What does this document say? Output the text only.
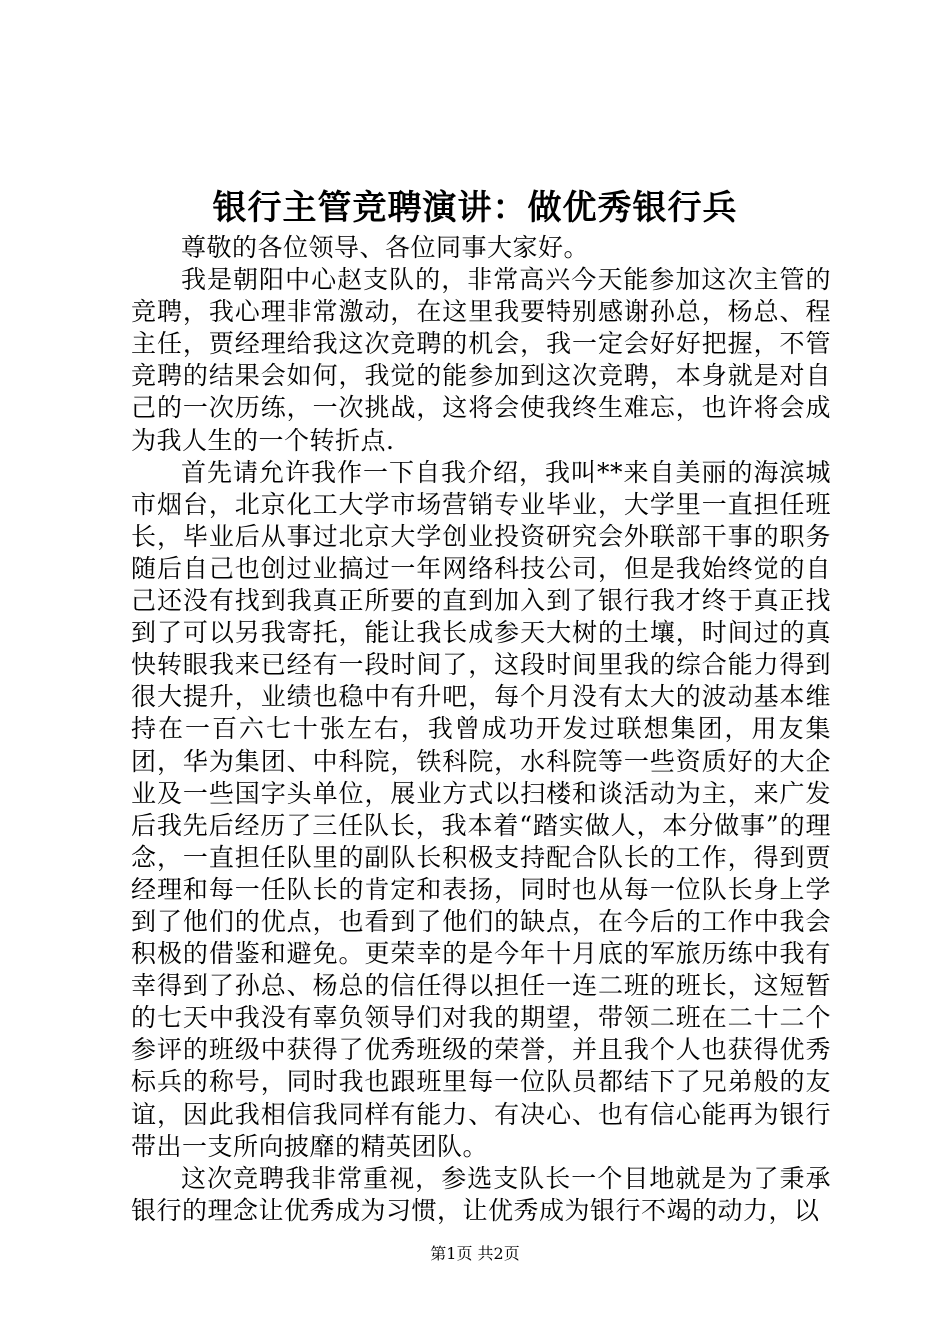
银行主管竞聘演讲：做优秀银行兵

尊敬的各位领导、各位同事大家好。

我是朝阳中心赵支队的，非常高兴今天能参加这次主管的竞聘，我心理非常激动，在这里我要特别感谢孙总，杨总、程主任，贾经理给我这次竞聘的机会，我一定会好好把握，不管竞聘的结果会如何，我觉的能参加到这次竞聘，本身就是对自己的一次历练，一次挑战，这将会使我终生难忘，也许将会成为我人生的一个转折点.

首先请允许我作一下自我介绍，我叫**来自美丽的海滨城市烟台，北京化工大学市场营销专业毕业，大学里一直担任班长，毕业后从事过北京大学创业投资研究会外联部干事的职务随后自己也创过业搞过一年网络科技公司，但是我始终觉的自己还没有找到我真正所要的直到加入到了银行我才终于真正找到了可以另我寄托，能让我长成参天大树的土壤，时间过的真快转眼我来已经有一段时间了，这段时间里我的综合能力得到很大提升，业绩也稳中有升吧，每个月没有太大的波动基本维持在一百六七十张左右，我曾成功开发过联想集团，用友集团，华为集团、中科院，铁科院，水科院等一些资质好的大企业及一些国字头单位，展业方式以扫楼和谈活动为主，来广发后我先后经历了三任队长，我本着“踏实做人，本分做事”的理念，一直担任队里的副队长积极支持配合队长的工作，得到贾经理和每一任队长的肯定和表扬，同时也从每一位队长身上学到了他们的优点，也看到了他们的缺点，在今后的工作中我会积极的借鉴和避免。更荣幸的是今年十月底的军旅历练中我有幸得到了孙总、杨总的信任得以担任一连二班的班长，这短暂的七天中我没有辜负领导们对我的期望，带领二班在二十二个参评的班级中获得了优秀班级的荣誉，并且我个人也获得优秀标兵的称号，同时我也跟班里每一位队员都结下了兄弟般的友谊，因此我相信我同样有能力、有决心、也有信心能再为银行带出一支所向披靡的精英团队。

这次竞聘我非常重视，参选支队长一个目地就是为了秉承银行的理念让优秀成为习惯，让优秀成为银行不竭的动力，以

第1页 共2页
